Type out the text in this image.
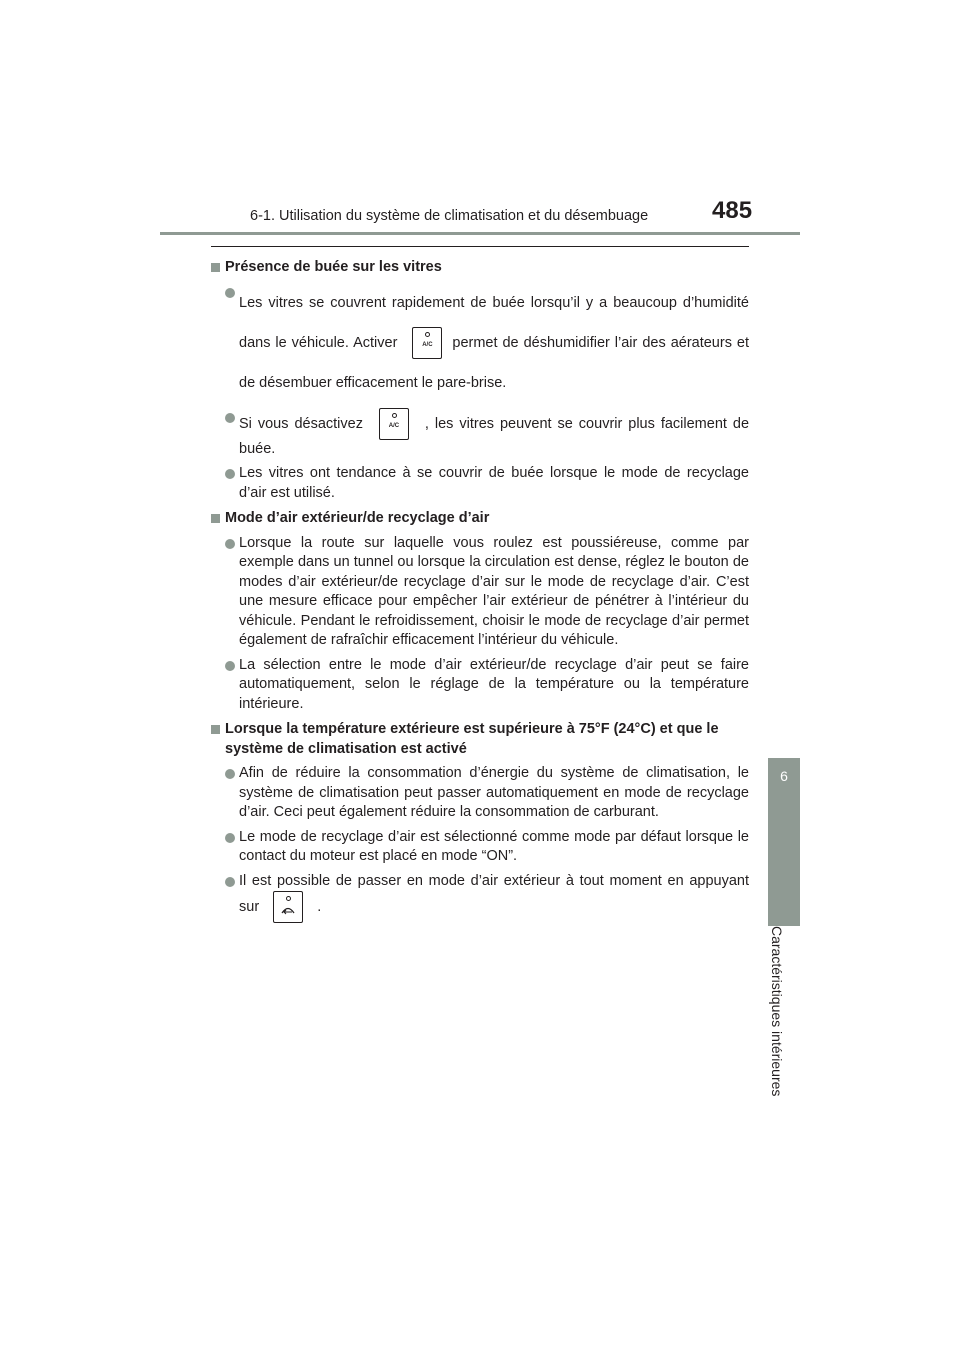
6-1. Utilisation du système de climatisation et du désembuage	485
6
Caractéristiques intérieures
Présence de buée sur les vitres
Les vitres se couvrent rapidement de buée lorsqu’il y a beaucoup d’humidité dans le véhicule. Activer	A/C	permet de déshumidifier l’air des aérateurs et de désembuer efficacement le pare-brise.
Si vous désactivez	A/C	, les vitres peuvent se couvrir plus facilement de buée.
Les vitres ont tendance à se couvrir de buée lorsque le mode de recyclage d’air est utilisé.
Mode d’air extérieur/de recyclage d’air
Lorsque la route sur laquelle vous roulez est poussiéreuse, comme par exemple dans un tunnel ou lorsque la circulation est dense, réglez le bouton de modes d’air extérieur/de recyclage d’air sur le mode de recyclage d’air. C’est une mesure efficace pour empêcher l’air extérieur de pénétrer à l’intérieur du véhicule. Pendant le refroidissement, choisir le mode de recyclage d’air permet également de rafraîchir efficacement l’intérieur du véhicule.
La sélection entre le mode d’air extérieur/de recyclage d’air peut se faire automatiquement, selon le réglage de la température ou la température intérieure.
Lorsque la température extérieure est supérieure à 75°F (24°C) et que le système de climatisation est activé
Afin de réduire la consommation d’énergie du système de climatisation, le système de climatisation peut passer automatiquement en mode de recyclage d’air. Ceci peut également réduire la consommation de carburant.
Le mode de recyclage d’air est sélectionné comme mode par défaut lorsque le contact du moteur est placé en mode “ON”.
Il est possible de passer en mode d’air extérieur à tout moment en appuyant sur	.
